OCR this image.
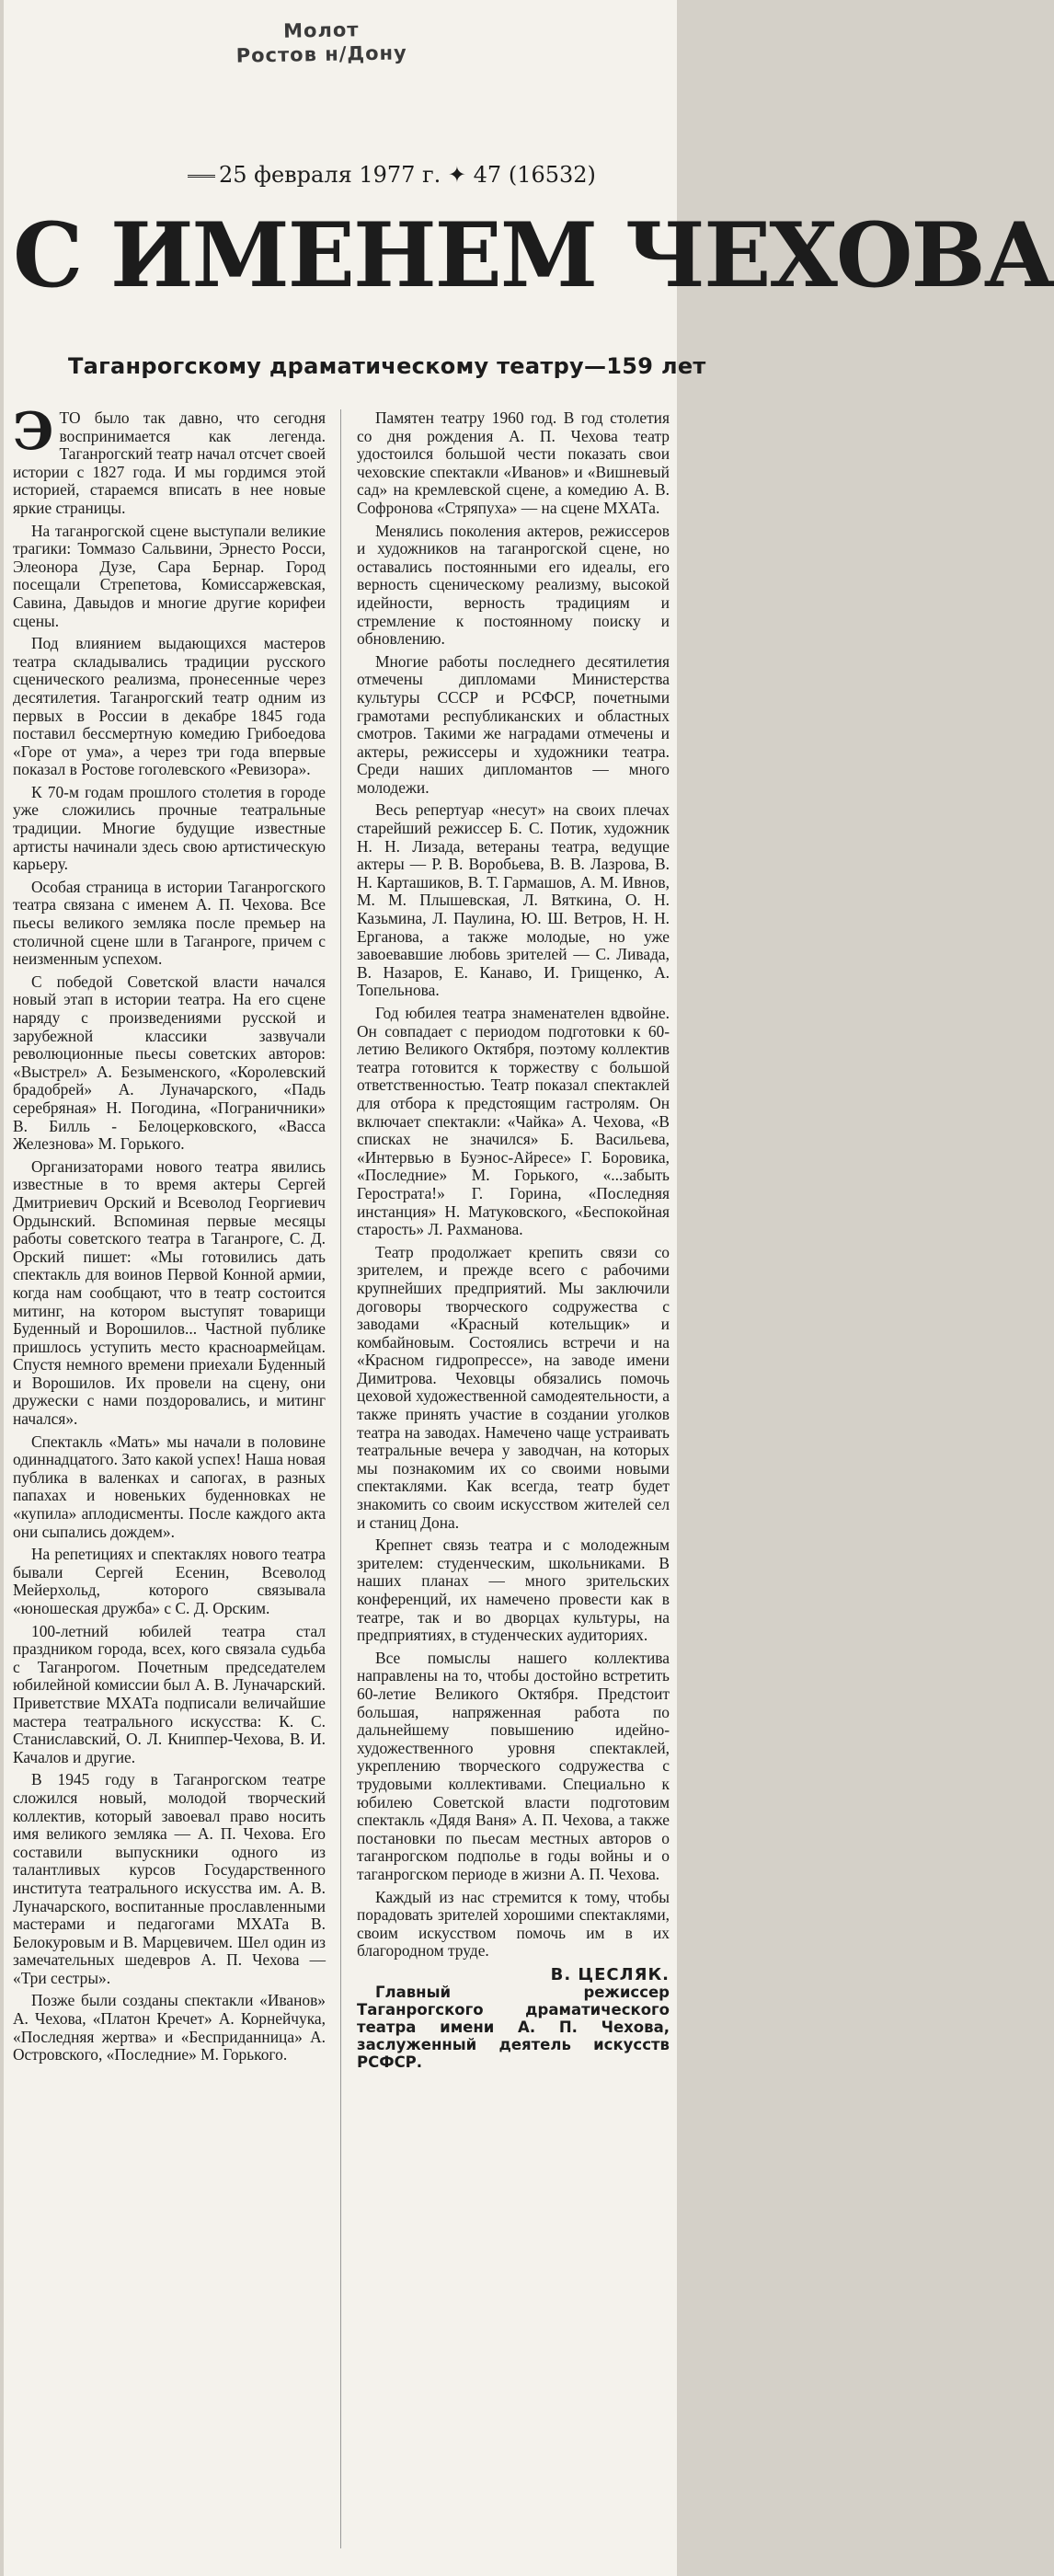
Молот
Ростов н/Дону
25 февраля 1977 г. ✦ 47 (16532)
С ИМЕНЕМ ЧЕХОВА
Таганрогскому драматическому театру—159 лет

ЭТО было так давно, что сегодня воспринимается как легенда. Таганрогский театр начал отсчет своей истории с 1827 года. И мы гордимся этой историей, стараемся вписать в нее новые яркие страницы.

На таганрогской сцене выступали великие трагики: Томмазо Сальвини, Эрнесто Росси, Элеонора Дузе, Сара Бернар. Город посещали Стрепетова, Комиссаржевская, Савина, Давыдов и многие другие корифеи сцены.

Под влиянием выдающихся мастеров театра складывались традиции русского сценического реализма, пронесенные через десятилетия. Таганрогский театр одним из первых в России в декабре 1845 года поставил бессмертную комедию Грибоедова «Горе от ума», а через три года впервые показал в Ростове гоголевского «Ревизора».

К 70-м годам прошлого столетия в городе уже сложились прочные театральные традиции. Многие будущие известные артисты начинали здесь свою артистическую карьеру.

Особая страница в истории Таганрогского театра связана с именем А. П. Чехова. Все пьесы великого земляка после премьер на столичной сцене шли в Таганроге, причем с неизменным успехом.

С победой Советской власти начался новый этап в истории театра. На его сцене наряду с произведениями русской и зарубежной классики зазвучали революционные пьесы советских авторов: «Выстрел» А. Безыменского, «Королевский брадобрей» А. Луначарского, «Падь серебряная» Н. Погодина, «Пограничники» В. Билль - Белоцерковского, «Васса Железнова» М. Горького.

Организаторами нового театра явились известные в то время актеры Сергей Дмитриевич Орский и Всеволод Георгиевич Ордынский. Вспоминая первые месяцы работы советского театра в Таганроге, С. Д. Орский пишет: «Мы готовились дать спектакль для воинов Первой Конной армии, когда нам сообщают, что в театр состоится митинг, на котором выступят товарищи Буденный и Ворошилов... Частной публике пришлось уступить место красноармейцам. Спустя немного времени приехали Буденный и Ворошилов. Их провели на сцену, они дружески с нами поздоровались, и митинг начался».

Спектакль «Мать» мы начали в половине одиннадцатого. Зато какой успех! Наша новая публика в валенках и сапогах, в разных папахах и новеньких буденновках не «купила» аплодисменты. После каждого акта они сыпались дождем».

На репетициях и спектаклях нового театра бывали Сергей Есенин, Всеволод Мейерхольд, которого связывала «юношеская дружба» с С. Д. Орским.

100-летний юбилей театра стал праздником города, всех, кого связала судьба с Таганрогом. Почетным председателем юбилейной комиссии был А. В. Луначарский. Приветствие МХАТа подписали величайшие мастера театрального искусства: К. С. Станиславский, О. Л. Книппер-Чехова, В. И. Качалов и другие.

В 1945 году в Таганрогском театре сложился новый, молодой творческий коллектив, который завоевал право носить имя великого земляка — А. П. Чехова. Его составили выпускники одного из талантливых курсов Государственного института театрального искусства им. А. В. Луначарского, воспитанные прославленными мастерами и педагогами МХАТа В. Белокуровым и В. Марцевичем. Шел один из замечательных шедевров А. П. Чехова — «Три сестры».

Позже были созданы спектакли «Иванов» А. Чехова, «Платон Кречет» А. Корнейчука, «Последняя жертва» и «Бесприданница» А. Островского, «Последние» М. Горького.

Памятен театру 1960 год. В год столетия со дня рождения А. П. Чехова театр удостоился большой чести показать свои чеховские спектакли «Иванов» и «Вишневый сад» на кремлевской сцене, а комедию А. В. Софронова «Стряпуха» — на сцене МХАТа.

Менялись поколения актеров, режиссеров и художников на таганрогской сцене, но оставались постоянными его идеалы, его верность сценическому реализму, высокой идейности, верность традициям и стремление к постоянному поиску и обновлению.

Многие работы последнего десятилетия отмечены дипломами Министерства культуры СССР и РСФСР, почетными грамотами республиканских и областных смотров. Такими же наградами отмечены и актеры, режиссеры и художники театра. Среди наших дипломантов — много молодежи.

Весь репертуар «несут» на своих плечах старейший режиссер Б. С. Потик, художник Н. Н. Лизада, ветераны театра, ведущие актеры — Р. В. Воробьева, В. В. Лазрова, В. Н. Карташиков, В. Т. Гармашов, А. М. Ивнов, М. М. Плышевская, Л. Вяткина, О. Н. Казьмина, Л. Паулина, Ю. Ш. Ветров, Н. Н. Ерганова, а также молодые, но уже завоевавшие любовь зрителей — С. Ливада, В. Назаров, Е. Канаво, И. Грищенко, А. Топельнова.

Год юбилея театра знаменателен вдвойне. Он совпадает с периодом подготовки к 60-летию Великого Октября, поэтому коллектив театра готовится к торжеству с большой ответственностью. Театр показал спектаклей для отбора к предстоящим гастролям. Он включает спектакли: «Чайка» А. Чехова, «В списках не значился» Б. Васильева, «Интервью в Буэнос-Айресе» Г. Боровика, «Последние» М. Горького, «...забыть Герострата!» Г. Горина, «Последняя инстанция» Н. Матуковского, «Беспокойная старость» Л. Рахманова.

Театр продолжает крепить связи со зрителем, и прежде всего с рабочими крупнейших предприятий. Мы заключили договоры творческого содружества с заводами «Красный котельщик» и комбайновым. Состоялись встречи и на «Красном гидропрессе», на заводе имени Димитрова. Чеховцы обязались помочь цеховой художественной самодеятельности, а также принять участие в создании уголков театра на заводах. Намечено чаще устраивать театральные вечера у заводчан, на которых мы познакомим их со своими новыми спектаклями. Как всегда, театр будет знакомить со своим искусством жителей сел и станиц Дона.

Крепнет связь театра и с молодежным зрителем: студенческим, школьниками. В наших планах — много зрительских конференций, их намечено провести как в театре, так и во дворцах культуры, на предприятиях, в студенческих аудиториях.

Все помыслы нашего коллектива направлены на то, чтобы достойно встретить 60-летие Великого Октября. Предстоит большая, напряженная работа по дальнейшему повышению идейно-художественного уровня спектаклей, укреплению творческого содружества с трудовыми коллективами. Специально к юбилею Советской власти подготовим спектакль «Дядя Ваня» А. П. Чехова, а также постановки по пьесам местных авторов о таганрогском подполье в годы войны и о таганрогском периоде в жизни А. П. Чехова.

Каждый из нас стремится к тому, чтобы порадовать зрителей хорошими спектаклями, своим искусством помочь им в их благородном труде.

В. ЦЕСЛЯК.

Главный режиссер Таганрогского драматического театра имени А. П. Чехова, заслуженный деятель искусств РСФСР.
